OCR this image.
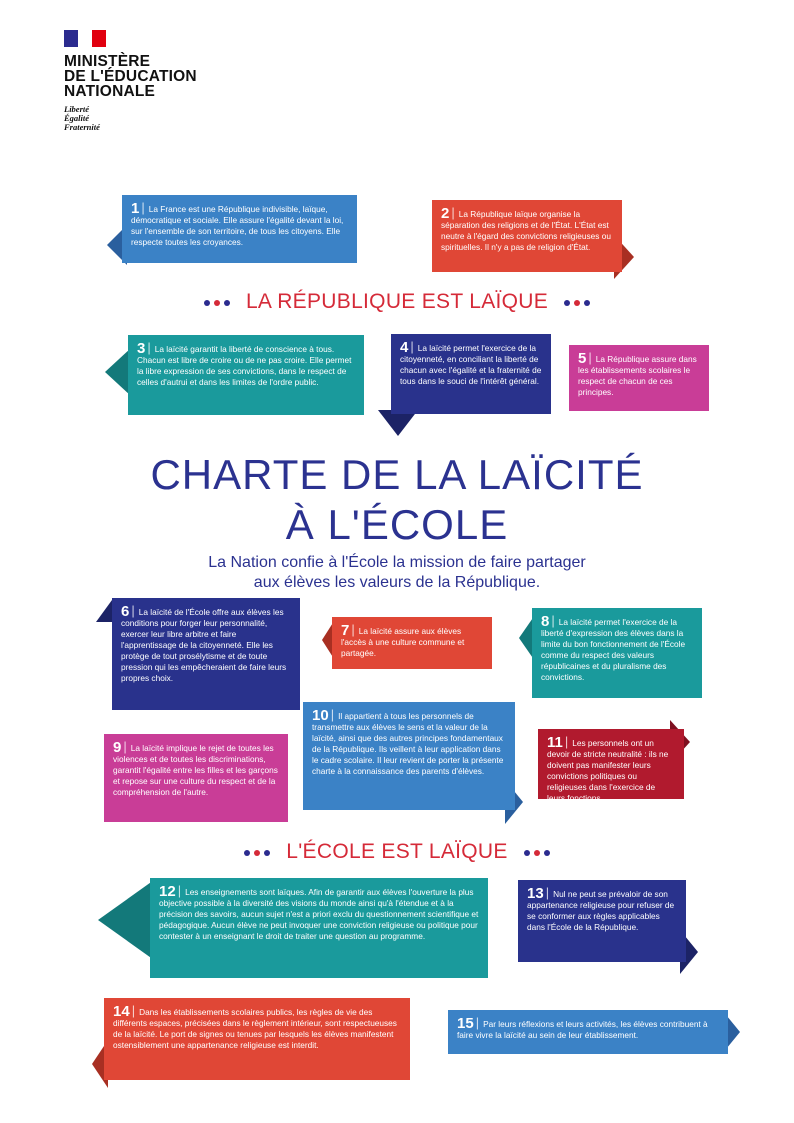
MINISTÈRE
DE L'ÉDUCATION
NATIONALE
Liberté
Égalité
Fraternité
1 | La France est une République indivisible, laïque, démocratique et sociale. Elle assure l'égalité devant la loi, sur l'ensemble de son territoire, de tous les citoyens. Elle respecte toutes les croyances.
2 | La République laïque organise la séparation des religions et de l'État. L'État est neutre à l'égard des convictions religieuses ou spirituelles. Il n'y a pas de religion d'État.
LA RÉPUBLIQUE EST LAÏQUE
3 | La laïcité garantit la liberté de conscience à tous. Chacun est libre de croire ou de ne pas croire. Elle permet la libre expression de ses convictions, dans le respect de celles d'autrui et dans les limites de l'ordre public.
4 | La laïcité permet l'exercice de la citoyenneté, en conciliant la liberté de chacun avec l'égalité et la fraternité de tous dans le souci de l'intérêt général.
5 | La République assure dans les établissements scolaires le respect de chacun de ces principes.
CHARTE DE LA LAÏCITÉ
À L'ÉCOLE
La Nation confie à l'École la mission de faire partager
aux élèves les valeurs de la République.
6 | La laïcité de l'École offre aux élèves les conditions pour forger leur personnalité, exercer leur libre arbitre et faire l'apprentissage de la citoyenneté. Elle les protège de tout prosélytisme et de toute pression qui les empêcheraient de faire leurs propres choix.
7 | La laïcité assure aux élèves l'accès à une culture commune et partagée.
8 | La laïcité permet l'exercice de la liberté d'expression des élèves dans la limite du bon fonctionnement de l'École comme du respect des valeurs républicaines et du pluralisme des convictions.
9 | La laïcité implique le rejet de toutes les violences et de toutes les discriminations, garantit l'égalité entre les filles et les garçons et repose sur une culture du respect et de la compréhension de l'autre.
10 | Il appartient à tous les personnels de transmettre aux élèves le sens et la valeur de la laïcité, ainsi que des autres principes fondamentaux de la République. Ils veillent à leur application dans le cadre scolaire. Il leur revient de porter la présente charte à la connaissance des parents d'élèves.
11 | Les personnels ont un devoir de stricte neutralité : ils ne doivent pas manifester leurs convictions politiques ou religieuses dans l'exercice de leurs fonctions.
L'ÉCOLE EST LAÏQUE
12 | Les enseignements sont laïques. Afin de garantir aux élèves l'ouverture la plus objective possible à la diversité des visions du monde ainsi qu'à l'étendue et à la précision des savoirs, aucun sujet n'est a priori exclu du questionnement scientifique et pédagogique. Aucun élève ne peut invoquer une conviction religieuse ou politique pour contester à un enseignant le droit de traiter une question au programme.
13 | Nul ne peut se prévaloir de son appartenance religieuse pour refuser de se conformer aux règles applicables dans l'École de la République.
14 | Dans les établissements scolaires publics, les règles de vie des différents espaces, précisées dans le règlement intérieur, sont respectueuses de la laïcité. Le port de signes ou tenues par lesquels les élèves manifestent ostensiblement une appartenance religieuse est interdit.
15 | Par leurs réflexions et leurs activités, les élèves contribuent à faire vivre la laïcité au sein de leur établissement.
